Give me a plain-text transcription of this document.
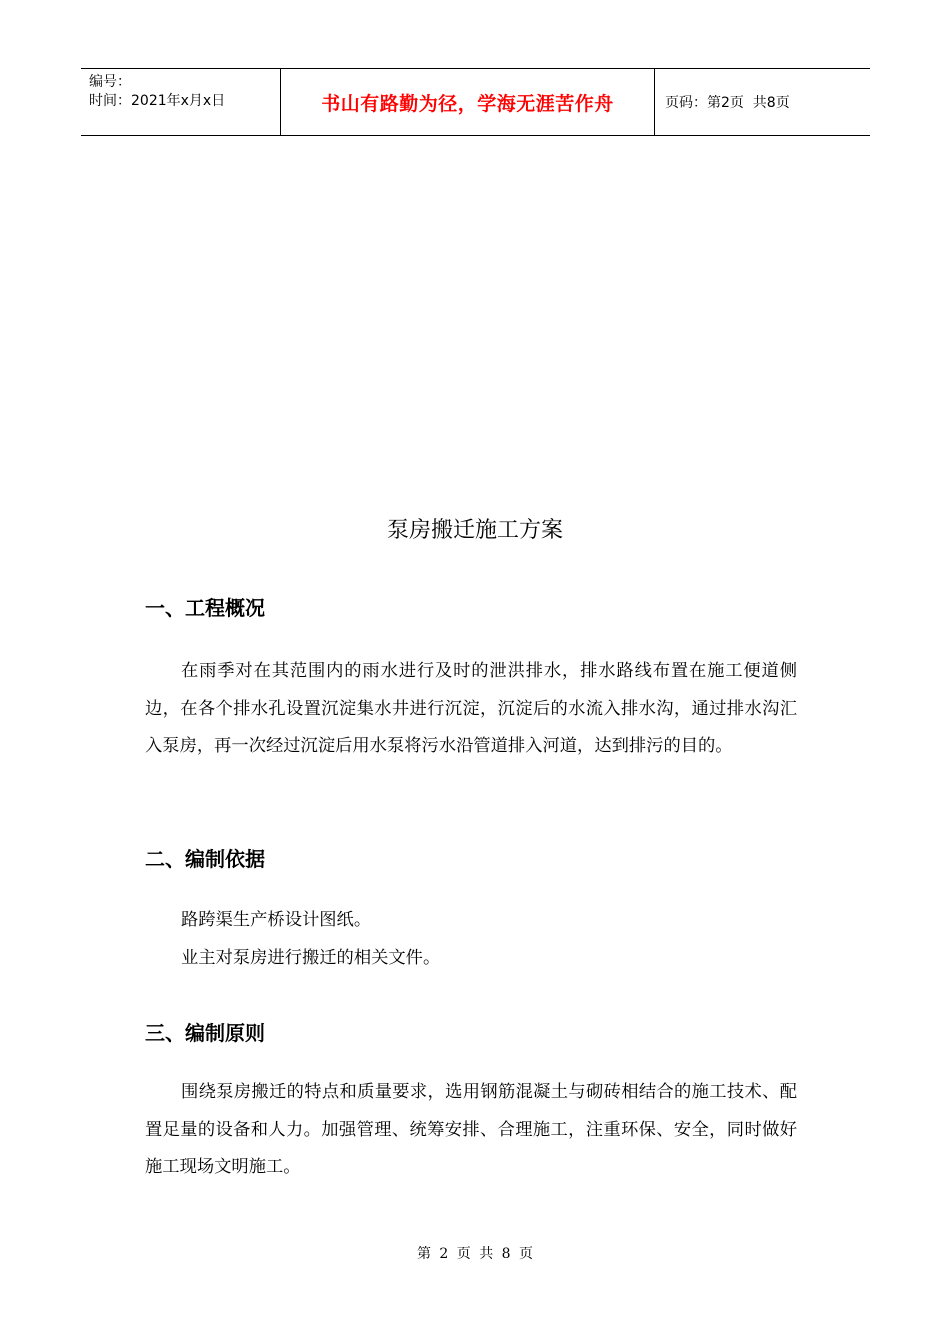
编号：
时间：2021年x月x日	书山有路勤为径，学海无涯苦作舟	页码：第2页  共8页
泵房搬迁施工方案
一、工程概况
在雨季对在其范围内的雨水进行及时的泄洪排水，排水路线布置在施工便道侧边，在各个排水孔设置沉淀集水井进行沉淀，沉淀后的水流入排水沟，通过排水沟汇入泵房，再一次经过沉淀后用水泵将污水沿管道排入河道，达到排污的目的。
二、编制依据
路跨渠生产桥设计图纸。
业主对泵房进行搬迁的相关文件。
三、编制原则
围绕泵房搬迁的特点和质量要求，选用钢筋混凝土与砌砖相结合的施工技术、配置足量的设备和人力。加强管理、统筹安排、合理施工，注重环保、安全，同时做好施工现场文明施工。
第 2 页 共 8 页
